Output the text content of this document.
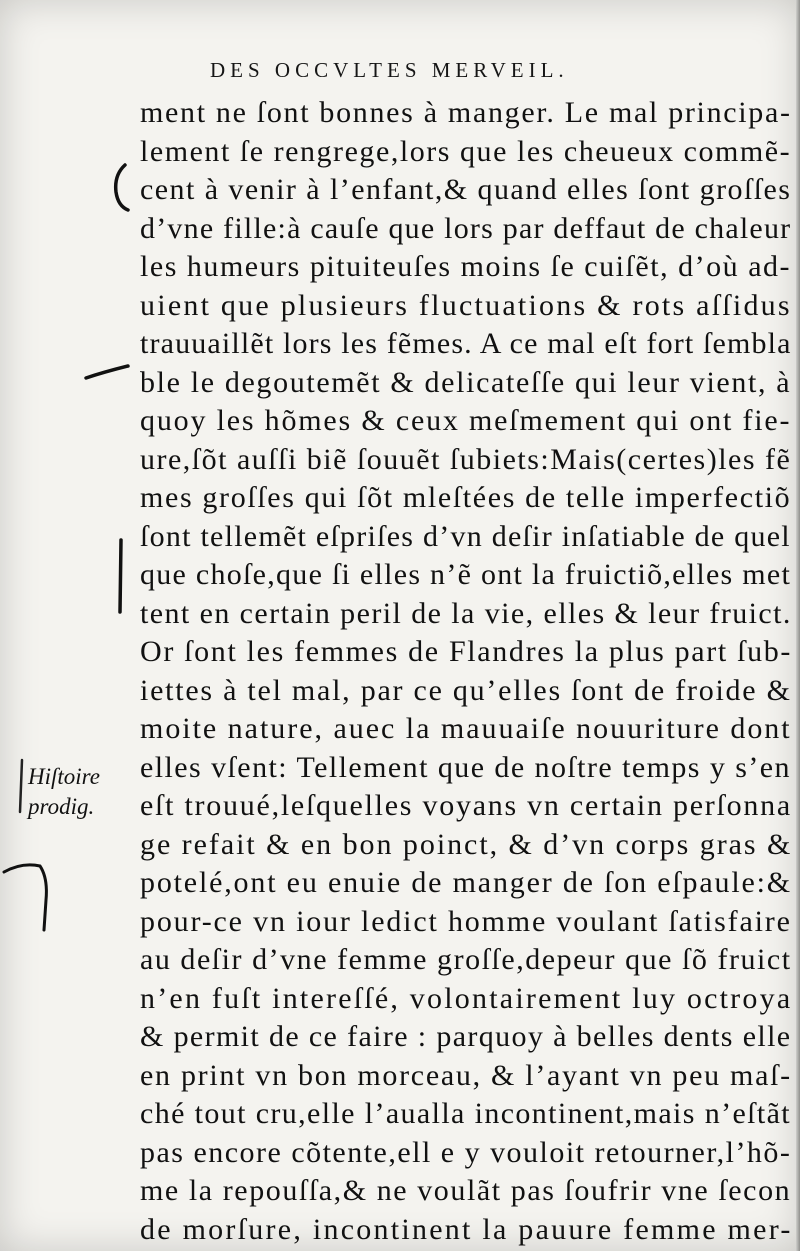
DES OCCVLTES MERVEIL.
ment ne ſont bonnes à manger. Le mal principa-
lement ſe rengrege,lors que les cheueux commẽ-
cent à venir à l’enfant,& quand elles ſont groſſes
d’vne fille:à cauſe que lors par deffaut de chaleur
les humeurs pituiteuſes moins ſe cuiſẽt, d’où ad-
uient que plusieurs fluctuations & rots aſſidus
trauuaillẽt lors les fẽmes. A ce mal eſt fort ſembla
ble le degoutemẽt & delicateſſe qui leur vient, à
quoy les hõmes & ceux meſmement qui ont fie-
ure,ſõt auſſi biẽ ſouuẽt ſubiets:Mais(certes)les fẽ
mes groſſes qui ſõt mleſtées de telle imperfectiõ
ſont tellemẽt eſpriſes d’vn deſir inſatiable de quel
que choſe,que ſi elles n’ẽ ont la fruictiõ,elles met
tent en certain peril de la vie, elles & leur fruict.
Or ſont les femmes de Flandres la plus part ſub-
iettes à tel mal, par ce qu’elles ſont de froide &
moite nature, auec la mauuaiſe nouuriture dont
elles vſent: Tellement que de noſtre temps y s’en
eſt trouué,leſquelles voyans vn certain perſonna
ge refait & en bon poinct, & d’vn corps gras &
potelé,ont eu enuie de manger de ſon eſpaule:&
pour-ce vn iour ledict homme voulant ſatisfaire
au deſir d’vne femme groſſe,depeur que ſõ fruict
n’en fuſt intereſſé, volontairement luy octroya
& permit de ce faire : parquoy à belles dents elle
en print vn bon morceau, & l’ayant vn peu maſ-
ché tout cru,elle l’aualla incontinent,mais n’eſtãt
pas encore cõtente,ell e y vouloit retourner,l’hõ-
me la repouſſa,& ne voulãt pas ſoufrir vne ſecon
de morſure, incontinent la pauure femme mer-
Hiſtoire
prodig.
